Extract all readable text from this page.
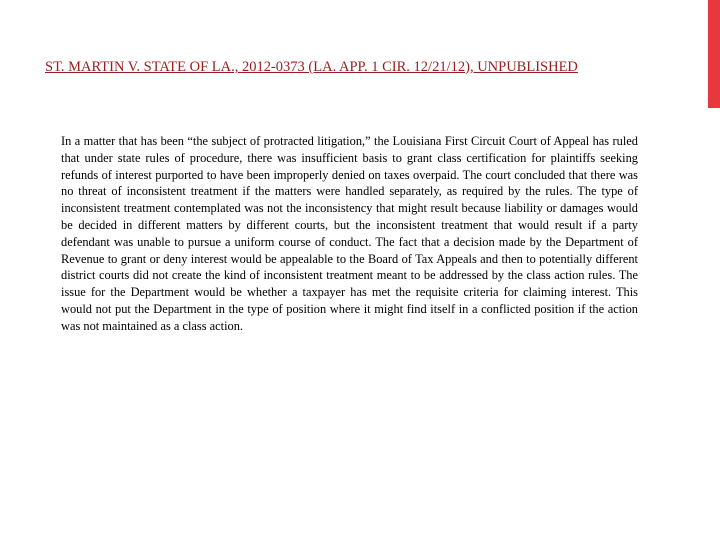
ST. MARTIN V. STATE OF LA., 2012-0373 (LA. APP. 1 CIR. 12/21/12), UNPUBLISHED

In a matter that has been “the subject of protracted litigation,” the Louisiana First Circuit Court of Appeal has ruled that under state rules of procedure, there was insufficient basis to grant class certification for plaintiffs seeking refunds of interest purported to have been improperly denied on taxes overpaid. The court concluded that there was no threat of inconsistent treatment if the matters were handled separately, as required by the rules. The type of inconsistent treatment contemplated was not the inconsistency that might result because liability or damages would be decided in different matters by different courts, but the inconsistent treatment that would result if a party defendant was unable to pursue a uniform course of conduct. The fact that a decision made by the Department of Revenue to grant or deny interest would be appealable to the Board of Tax Appeals and then to potentially different district courts did not create the kind of inconsistent treatment meant to be addressed by the class action rules. The issue for the Department would be whether a taxpayer has met the requisite criteria for claiming interest. This would not put the Department in the type of position where it might find itself in a conflicted position if the action was not maintained as a class action.
